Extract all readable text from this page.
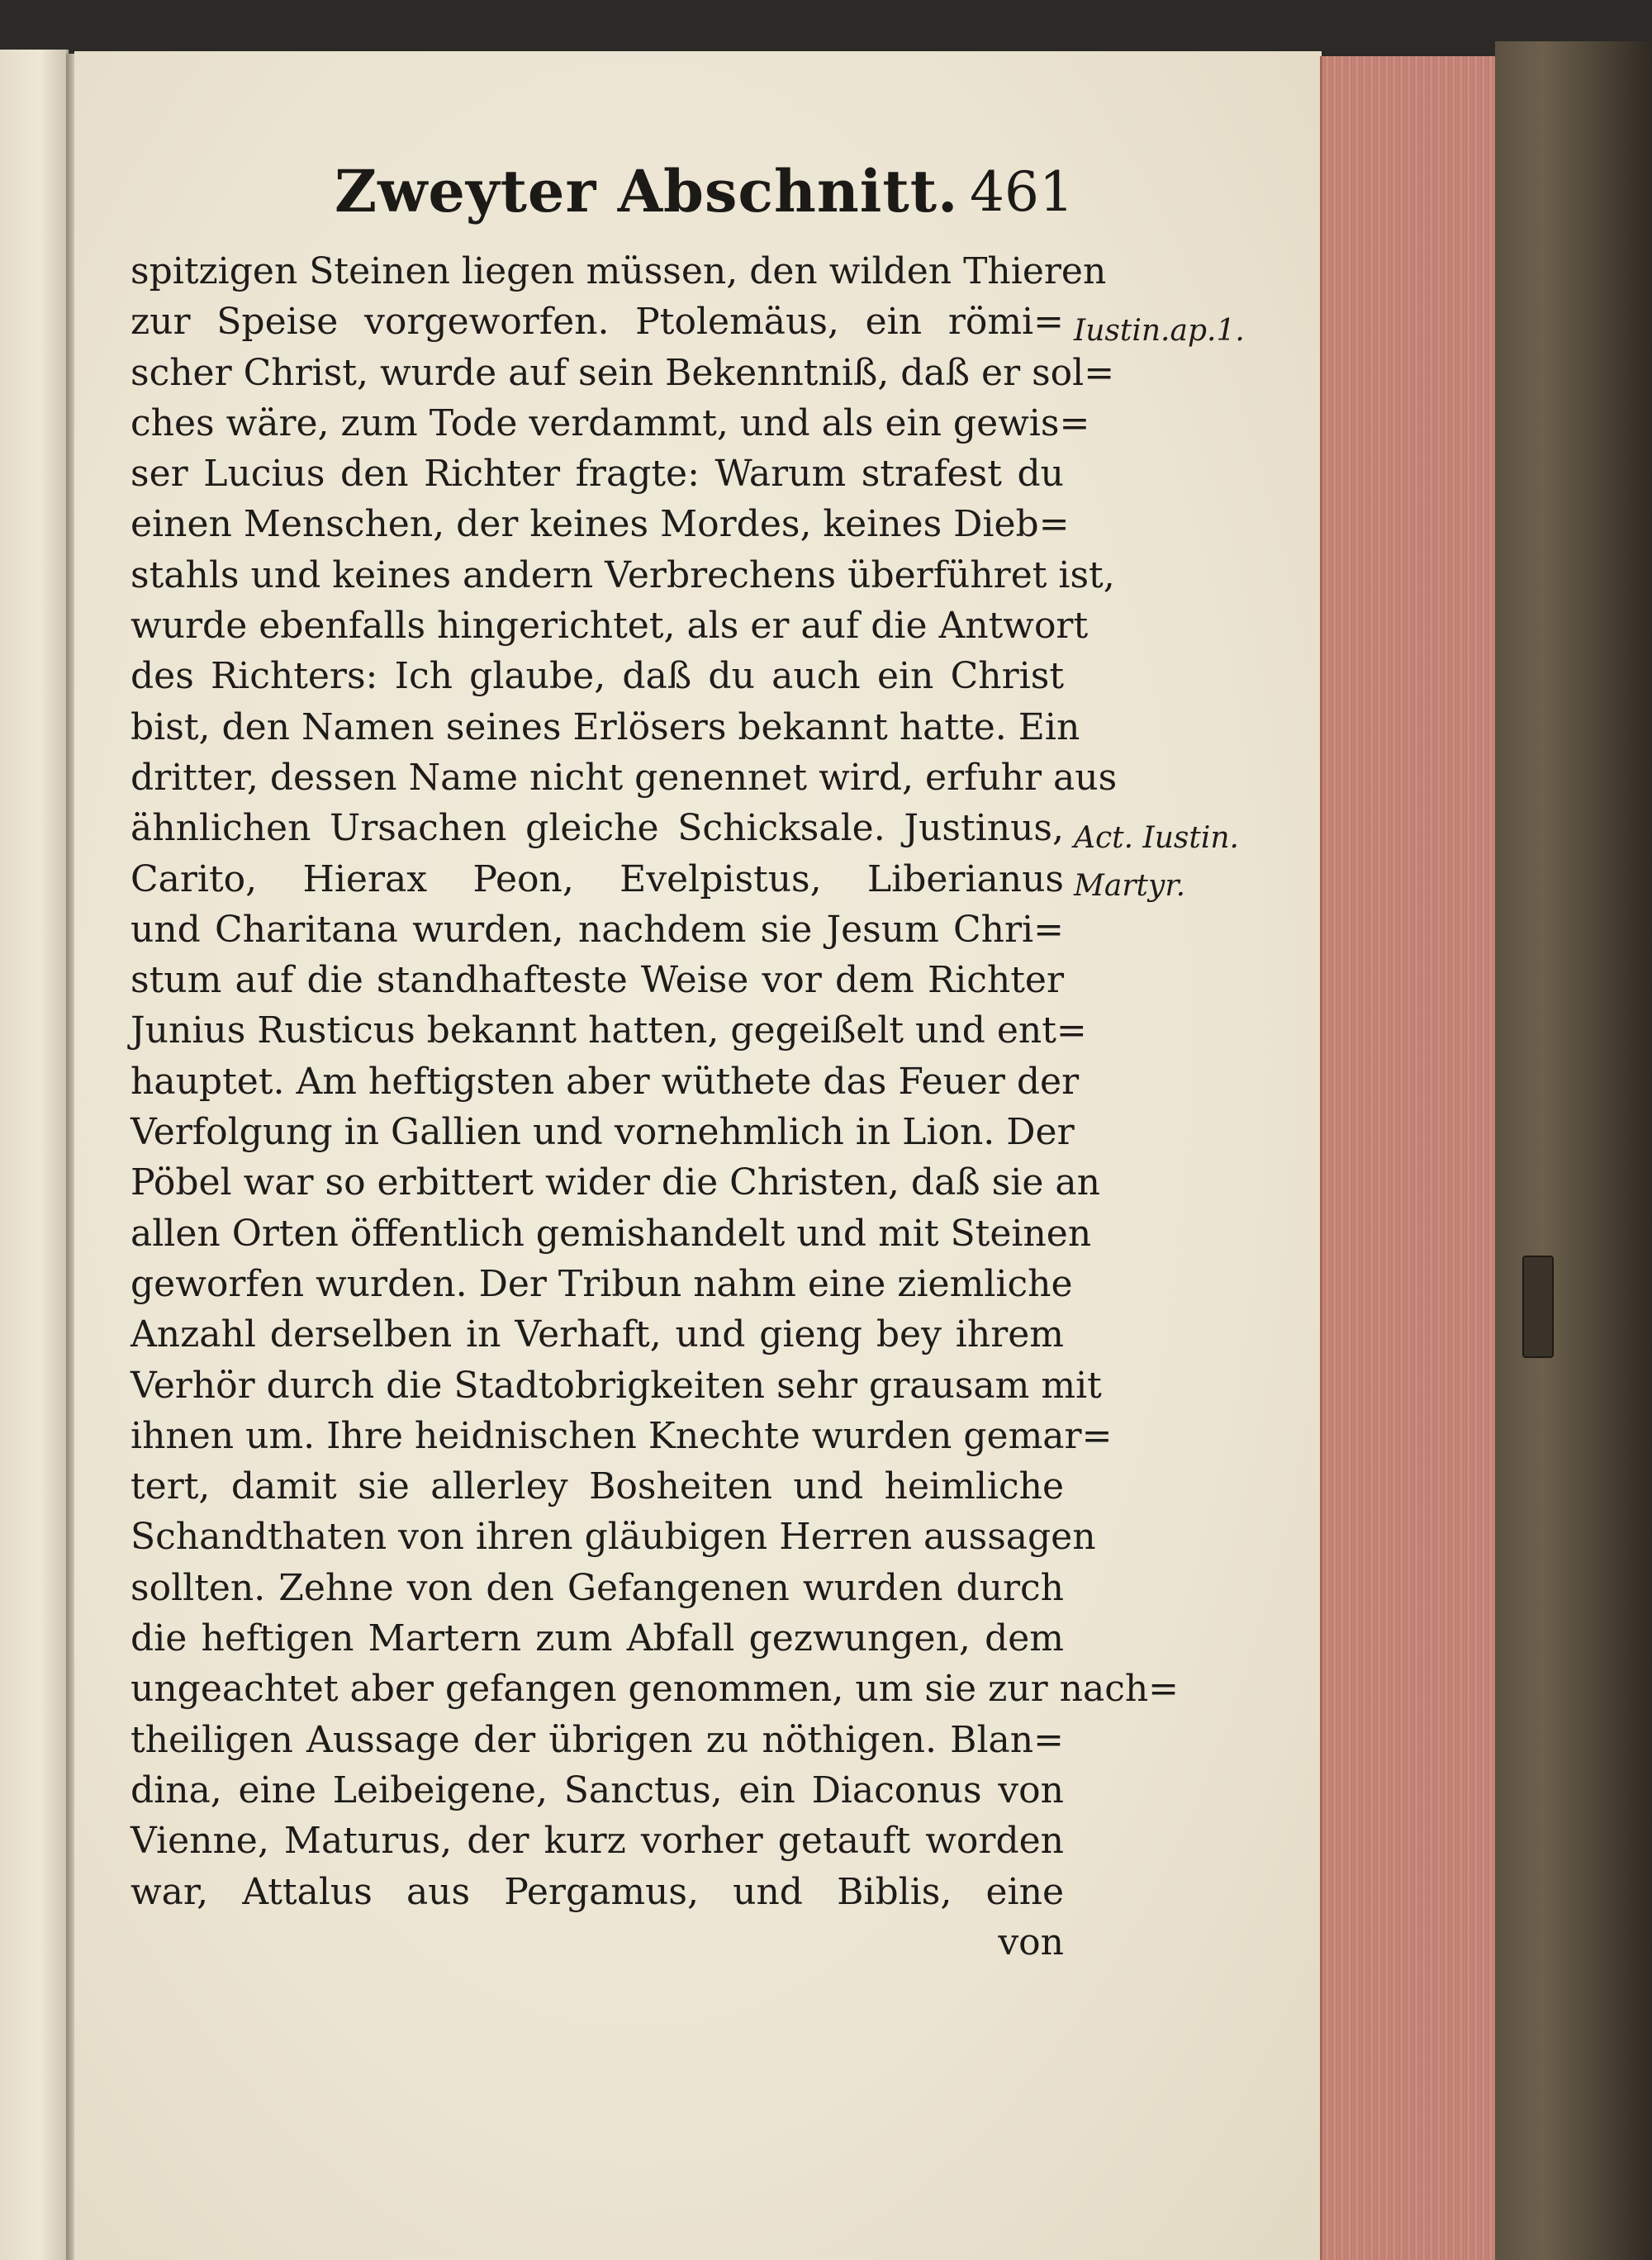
Zweyter Abschnitt. 461
spitzigen Steinen liegen müssen, den wilden Thieren
zur Speise vorgeworfen. Ptolemäus, ein römi=
scher Christ, wurde auf sein Bekenntniß, daß er sol=
ches wäre, zum Tode verdammt, und als ein gewis=
ser Lucius den Richter fragte: Warum strafest du
einen Menschen, der keines Mordes, keines Dieb=
stahls und keines andern Verbrechens überführet ist,
wurde ebenfalls hingerichtet, als er auf die Antwort
des Richters: Ich glaube, daß du auch ein Christ
bist, den Namen seines Erlösers bekannt hatte. Ein
dritter, dessen Name nicht genennet wird, erfuhr aus
ähnlichen Ursachen gleiche Schicksale. Justinus,
Carito, Hierax Peon, Evelpistus, Liberianus
und Charitana wurden, nachdem sie Jesum Chri=
stum auf die standhafteste Weise vor dem Richter
Junius Rusticus bekannt hatten, gegeißelt und ent=
hauptet. Am heftigsten aber wüthete das Feuer der
Verfolgung in Gallien und vornehmlich in Lion. Der
Pöbel war so erbittert wider die Christen, daß sie an
allen Orten öffentlich gemishandelt und mit Steinen
geworfen wurden. Der Tribun nahm eine ziemliche
Anzahl derselben in Verhaft, und gieng bey ihrem
Verhör durch die Stadtobrigkeiten sehr grausam mit
ihnen um. Ihre heidnischen Knechte wurden gemar=
tert, damit sie allerley Bosheiten und heimliche
Schandthaten von ihren gläubigen Herren aussagen
sollten. Zehne von den Gefangenen wurden durch
die heftigen Martern zum Abfall gezwungen, dem
ungeachtet aber gefangen genommen, um sie zur nach=
theiligen Aussage der übrigen zu nöthigen. Blan=
dina, eine Leibeigene, Sanctus, ein Diaconus von
Vienne, Maturus, der kurz vorher getauft worden
war, Attalus aus Pergamus, und Biblis, eine
von
Iustin.ap.1.
Act. Iustin.
Martyr.
